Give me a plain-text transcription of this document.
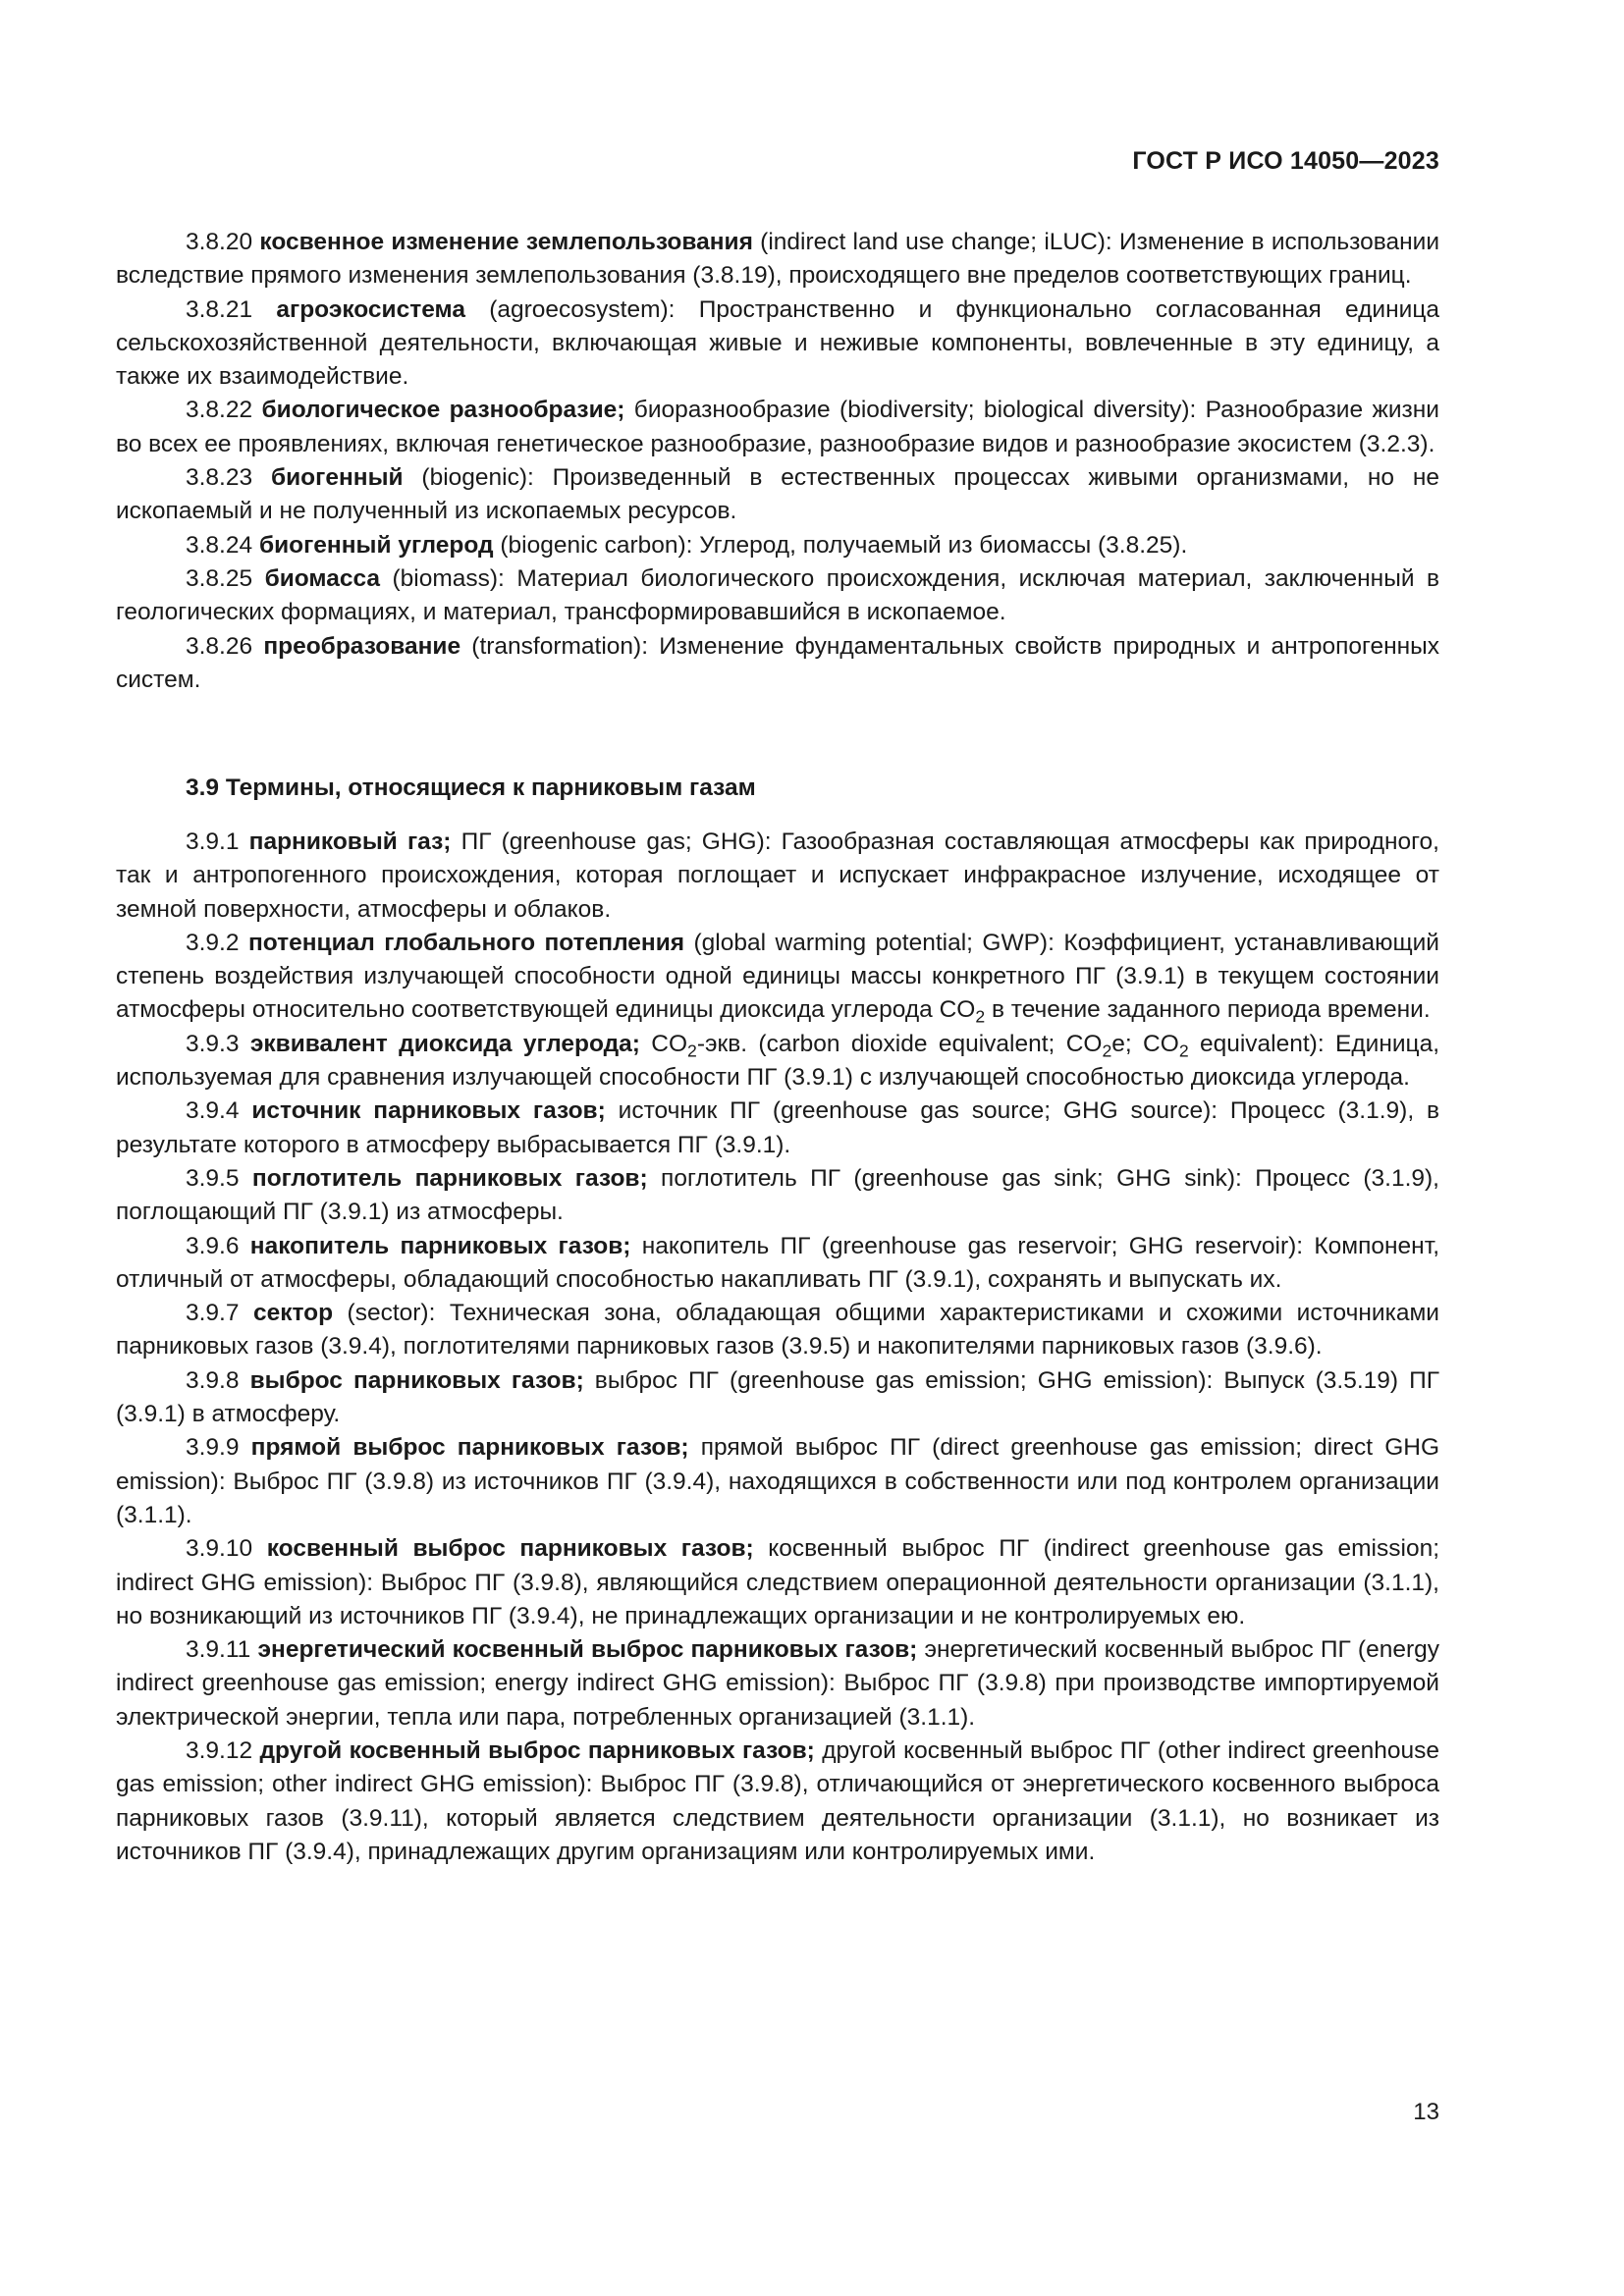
ГОСТ Р ИСО 14050—2023

3.8.20 косвенное изменение землепользования (indirect land use change; iLUC): Изменение в использовании вследствие прямого изменения землепользования (3.8.19), происходящего вне пределов соответствующих границ.

3.8.21 агроэкосистема (agroecosystem): Пространственно и функционально согласованная единица сельскохозяйственной деятельности, включающая живые и неживые компоненты, вовлеченные в эту единицу, а также их взаимодействие.

3.8.22 биологическое разнообразие; биоразнообразие (biodiversity; biological diversity): Разнообразие жизни во всех ее проявлениях, включая генетическое разнообразие, разнообразие видов и разнообразие экосистем (3.2.3).

3.8.23 биогенный (biogenic): Произведенный в естественных процессах живыми организмами, но не ископаемый и не полученный из ископаемых ресурсов.

3.8.24 биогенный углерод (biogenic carbon): Углерод, получаемый из биомассы (3.8.25).

3.8.25 биомасса (biomass): Материал биологического происхождения, исключая материал, заключенный в геологических формациях, и материал, трансформировавшийся в ископаемое.

3.8.26 преобразование (transformation): Изменение фундаментальных свойств природных и антропогенных систем.

3.9 Термины, относящиеся к парниковым газам

3.9.1 парниковый газ; ПГ (greenhouse gas; GHG): Газообразная составляющая атмосферы как природного, так и антропогенного происхождения, которая поглощает и испускает инфракрасное излучение, исходящее от земной поверхности, атмосферы и облаков.

3.9.2 потенциал глобального потепления (global warming potential; GWP): Коэффициент, устанавливающий степень воздействия излучающей способности одной единицы массы конкретного ПГ (3.9.1) в текущем состоянии атмосферы относительно соответствующей единицы диоксида углерода $CO_2$ в течение заданного периода времени.

3.9.3 эквивалент диоксида углерода; $CO_2$-экв. (carbon dioxide equivalent; $CO_2e$; $CO_2$ equivalent): Единица, используемая для сравнения излучающей способности ПГ (3.9.1) с излучающей способностью диоксида углерода.

3.9.4 источник парниковых газов; источник ПГ (greenhouse gas source; GHG source): Процесс (3.1.9), в результате которого в атмосферу выбрасывается ПГ (3.9.1).

3.9.5 поглотитель парниковых газов; поглотитель ПГ (greenhouse gas sink; GHG sink): Процесс (3.1.9), поглощающий ПГ (3.9.1) из атмосферы.

3.9.6 накопитель парниковых газов; накопитель ПГ (greenhouse gas reservoir; GHG reservoir): Компонент, отличный от атмосферы, обладающий способностью накапливать ПГ (3.9.1), сохранять и выпускать их.

3.9.7 сектор (sector): Техническая зона, обладающая общими характеристиками и схожими источниками парниковых газов (3.9.4), поглотителями парниковых газов (3.9.5) и накопителями парниковых газов (3.9.6).

3.9.8 выброс парниковых газов; выброс ПГ (greenhouse gas emission; GHG emission): Выпуск (3.5.19) ПГ (3.9.1) в атмосферу.

3.9.9 прямой выброс парниковых газов; прямой выброс ПГ (direct greenhouse gas emission; direct GHG emission): Выброс ПГ (3.9.8) из источников ПГ (3.9.4), находящихся в собственности или под контролем организации (3.1.1).

3.9.10 косвенный выброс парниковых газов; косвенный выброс ПГ (indirect greenhouse gas emission; indirect GHG emission): Выброс ПГ (3.9.8), являющийся следствием операционной деятельности организации (3.1.1), но возникающий из источников ПГ (3.9.4), не принадлежащих организации и не контролируемых ею.

3.9.11 энергетический косвенный выброс парниковых газов; энергетический косвенный выброс ПГ (energy indirect greenhouse gas emission; energy indirect GHG emission): Выброс ПГ (3.9.8) при производстве импортируемой электрической энергии, тепла или пара, потребленных организацией (3.1.1).

3.9.12 другой косвенный выброс парниковых газов; другой косвенный выброс ПГ (other indirect greenhouse gas emission; other indirect GHG emission): Выброс ПГ (3.9.8), отличающийся от энергетического косвенного выброса парниковых газов (3.9.11), который является следствием деятельности организации (3.1.1), но возникает из источников ПГ (3.9.4), принадлежащих другим организациям или контролируемых ими.

13
